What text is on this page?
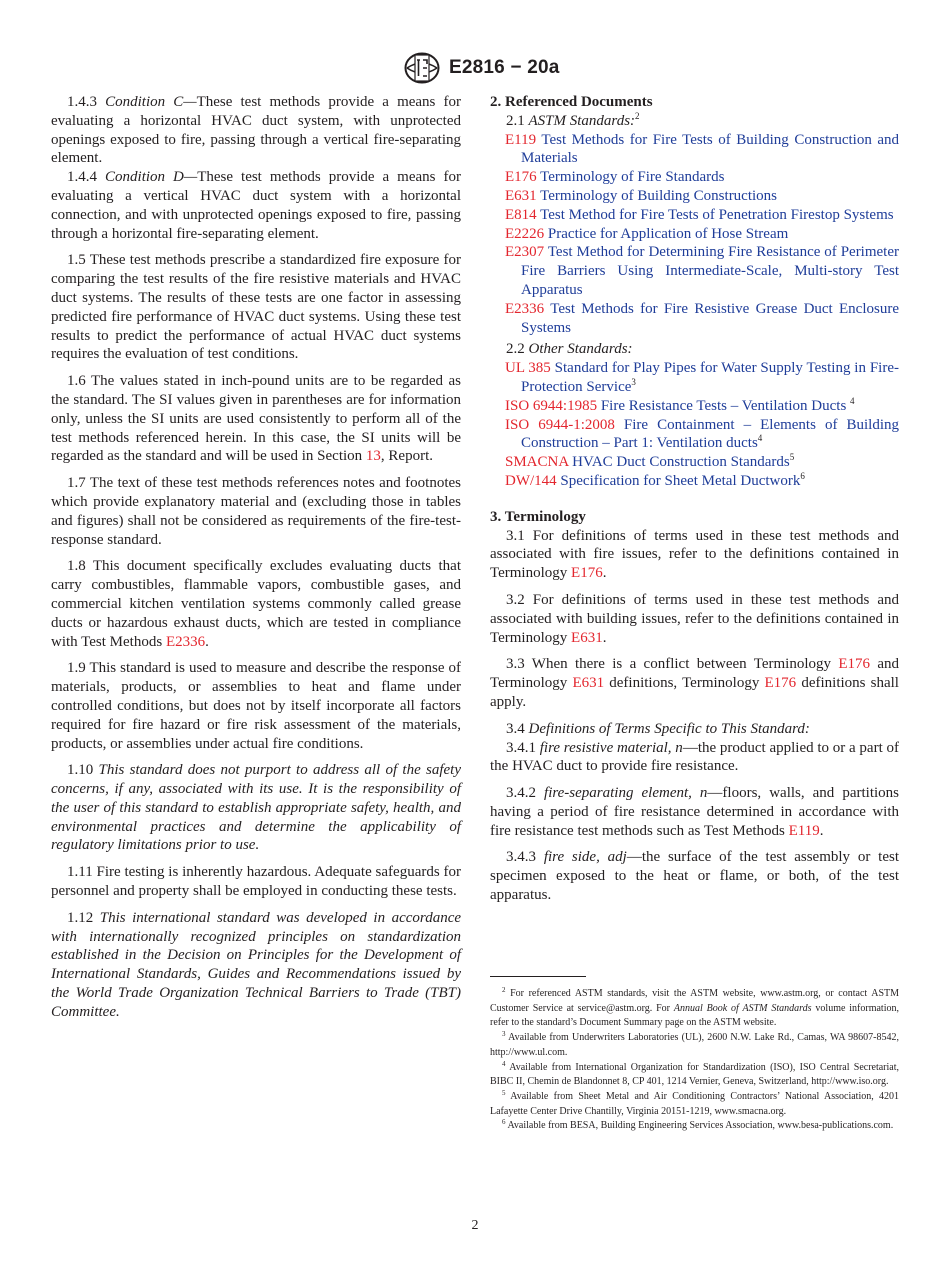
E2816 − 20a

1.4.3 Condition C—These test methods provide a means for evaluating a horizontal HVAC duct system, with unprotected openings exposed to fire, passing through a vertical fire-separating element.

1.4.4 Condition D—These test methods provide a means for evaluating a vertical HVAC duct system with a horizontal connection, and with unprotected openings exposed to fire, passing through a horizontal fire-separating element.

1.5 These test methods prescribe a standardized fire exposure for comparing the test results of the fire resistive materials and HVAC duct systems. The results of these tests are one factor in assessing predicted fire performance of HVAC duct systems. Using these test results to predict the performance of actual HVAC duct systems requires the evaluation of test conditions.

1.6 The values stated in inch-pound units are to be regarded as the standard. The SI values given in parentheses are for information only, unless the SI units are used consistently to perform all of the test methods referenced herein. In this case, the SI units will be regarded as the standard and will be used in Section 13, Report.

1.7 The text of these test methods references notes and footnotes which provide explanatory material and (excluding those in tables and figures) shall not be considered as requirements of the fire-test-response standard.

1.8 This document specifically excludes evaluating ducts that carry combustibles, flammable vapors, combustible gases, and commercial kitchen ventilation systems commonly called grease ducts or hazardous exhaust ducts, which are tested in compliance with Test Methods E2336.

1.9 This standard is used to measure and describe the response of materials, products, or assemblies to heat and flame under controlled conditions, but does not by itself incorporate all factors required for fire hazard or fire risk assessment of the materials, products, or assemblies under actual fire conditions.

1.10 This standard does not purport to address all of the safety concerns, if any, associated with its use. It is the responsibility of the user of this standard to establish appropriate safety, health, and environmental practices and determine the applicability of regulatory limitations prior to use.

1.11 Fire testing is inherently hazardous. Adequate safeguards for personnel and property shall be employed in conducting these tests.

1.12 This international standard was developed in accordance with internationally recognized principles on standardization established in the Decision on Principles for the Development of International Standards, Guides and Recommendations issued by the World Trade Organization Technical Barriers to Trade (TBT) Committee.

2. Referenced Documents

2.1 ASTM Standards:$^2$

E119 Test Methods for Fire Tests of Building Construction and Materials

E176 Terminology of Fire Standards

E631 Terminology of Building Constructions

E814 Test Method for Fire Tests of Penetration Firestop Systems

E2226 Practice for Application of Hose Stream

E2307 Test Method for Determining Fire Resistance of Perimeter Fire Barriers Using Intermediate-Scale, Multi-story Test Apparatus

E2336 Test Methods for Fire Resistive Grease Duct Enclosure Systems

2.2 Other Standards:

UL 385 Standard for Play Pipes for Water Supply Testing in Fire-Protection Service$^3$

ISO 6944:1985 Fire Resistance Tests – Ventilation Ducts $^4$

ISO 6944-1:2008 Fire Containment – Elements of Building Construction – Part 1: Ventilation ducts$^4$

SMACNA HVAC Duct Construction Standards$^5$

DW/144 Specification for Sheet Metal Ductwork$^6$

3. Terminology

3.1 For definitions of terms used in these test methods and associated with fire issues, refer to the definitions contained in Terminology E176.

3.2 For definitions of terms used in these test methods and associated with building issues, refer to the definitions contained in Terminology E631.

3.3 When there is a conflict between Terminology E176 and Terminology E631 definitions, Terminology E176 definitions shall apply.

3.4 Definitions of Terms Specific to This Standard:

3.4.1 fire resistive material, n—the product applied to or a part of the HVAC duct to provide fire resistance.

3.4.2 fire-separating element, n—floors, walls, and partitions having a period of fire resistance determined in accordance with fire resistance test methods such as Test Methods E119.

3.4.3 fire side, adj—the surface of the test assembly or test specimen exposed to the heat or flame, or both, of the test apparatus.

$^2$ For referenced ASTM standards, visit the ASTM website, www.astm.org, or contact ASTM Customer Service at service@astm.org. For Annual Book of ASTM Standards volume information, refer to the standard’s Document Summary page on the ASTM website.

$^3$ Available from Underwriters Laboratories (UL), 2600 N.W. Lake Rd., Camas, WA 98607-8542, http://www.ul.com.

$^4$ Available from International Organization for Standardization (ISO), ISO Central Secretariat, BIBC II, Chemin de Blandonnet 8, CP 401, 1214 Vernier, Geneva, Switzerland, http://www.iso.org.

$^5$ Available from Sheet Metal and Air Conditioning Contractors’ National Association, 4201 Lafayette Center Drive Chantilly, Virginia 20151-1219, www.smacna.org.

$^6$ Available from BESA, Building Engineering Services Association, www.besa-publications.com.

2
